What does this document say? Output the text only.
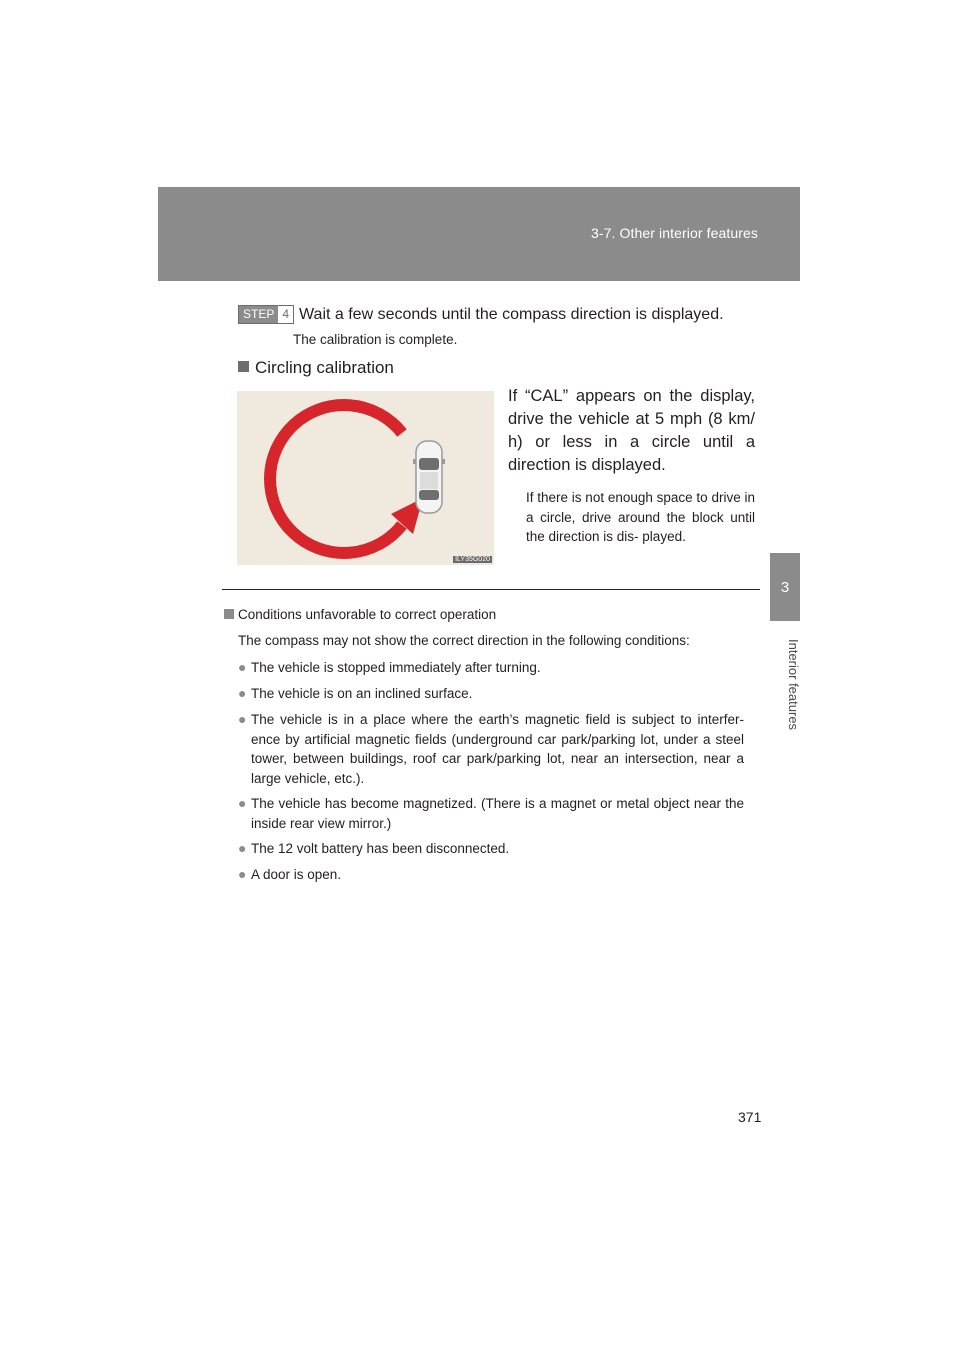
3-7. Other interior features
3
Interior features
STEP 4 Wait a few seconds until the compass direction is displayed.
The calibration is complete.
Circling calibration
ILY35G020
If “CAL” appears on the display, drive the vehicle at 5 mph (8 km/ h) or less in a circle until a direction is displayed.
If there is not enough space to drive in a circle, drive around the block until the direction is dis- played.
Conditions unfavorable to correct operation
The compass may not show the correct direction in the following conditions:
● The vehicle is stopped immediately after turning.
● The vehicle is on an inclined surface.
● The vehicle is in a place where the earth’s magnetic field is subject to interfer- ence by artificial magnetic fields (underground car park/parking lot, under a steel tower, between buildings, roof car park/parking lot, near an intersection, near a large vehicle, etc.).
● The vehicle has become magnetized. (There is a magnet or metal object near the inside rear view mirror.)
● The 12 volt battery has been disconnected.
● A door is open.
371
